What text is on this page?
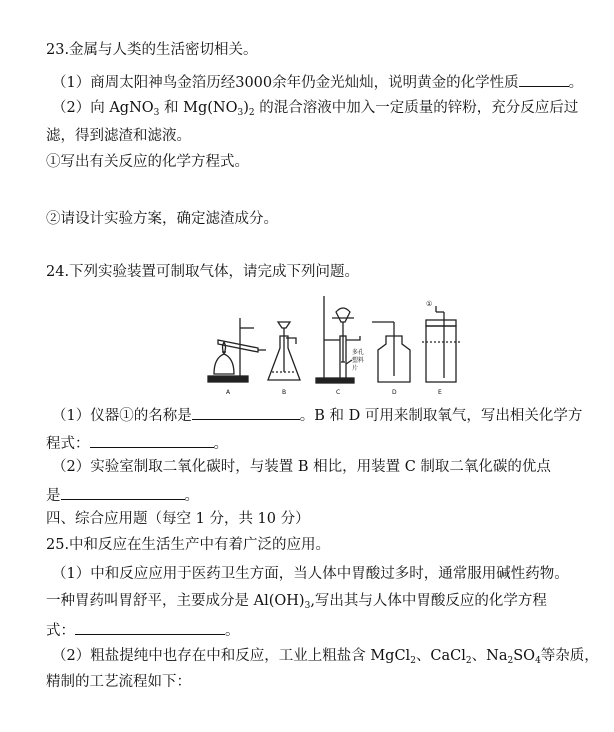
23.金属与人类的生活密切相关。
（1）商周太阳神鸟金箔历经3000余年仍金光灿灿，说明黄金的化学性质	。
（2）向 AgNO$_3$ 和 $Mg(NO_3)_2$ 的混合溶液中加入一定质量的锌粉，充分反应后过
滤，得到滤渣和滤液。
①写出有关反应的化学方程式。
②请设计实验方案，确定滤渣成分。
24.下列实验装置可制取气体，请完成下列问题。
A	B	C	D	E
①
多孔
塑料
片
（1）仪器①的名称是	。B 和 D 可用来制取氧气，写出相关化学方
程式：	。
（2）实验室制取二氧化碳时，与装置 B 相比，用装置 C 制取二氧化碳的优点
是	。
四、综合应用题（每空 1 分，共 10 分）
25.中和反应在生活生产中有着广泛的应用。
（1）中和反应应用于医药卫生方面，当人体中胃酸过多时，通常服用碱性药物。
一种胃药叫胃舒平，主要成分是 $Al(OH)_3$,写出其与人体中胃酸反应的化学方程
式：	。
（2）粗盐提纯中也存在中和反应，工业上粗盐含 MgCl$_2$、CaCl$_2$、$Na_2SO_4$等杂质，
精制的工艺流程如下：
